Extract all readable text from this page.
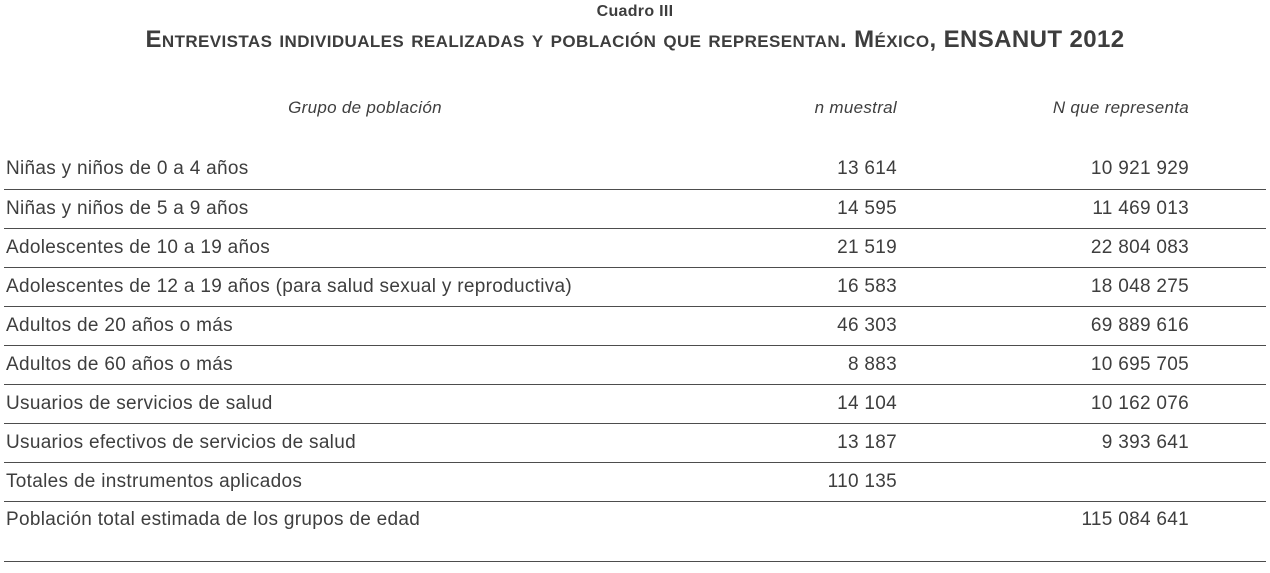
Cuadro III
Entrevistas individuales realizadas y población que representan. México, ENSANUT 2012
Grupo de población	n muestral	N que representa
Niñas y niños de 0 a 4 años	13 614	10 921 929
Niñas y niños de 5 a 9 años	14 595	11 469 013
Adolescentes de 10 a 19 años	21 519	22 804 083
Adolescentes de 12 a 19 años (para salud sexual y reproductiva)	16 583	18 048 275
Adultos de 20 años o más	46 303	69 889 616
Adultos de 60 años o más	8 883	10 695 705
Usuarios de servicios de salud	14 104	10 162 076
Usuarios efectivos de servicios de salud	13 187	9 393 641
Totales de instrumentos aplicados	110 135	
Población total estimada de los grupos de edad		115 084 641
